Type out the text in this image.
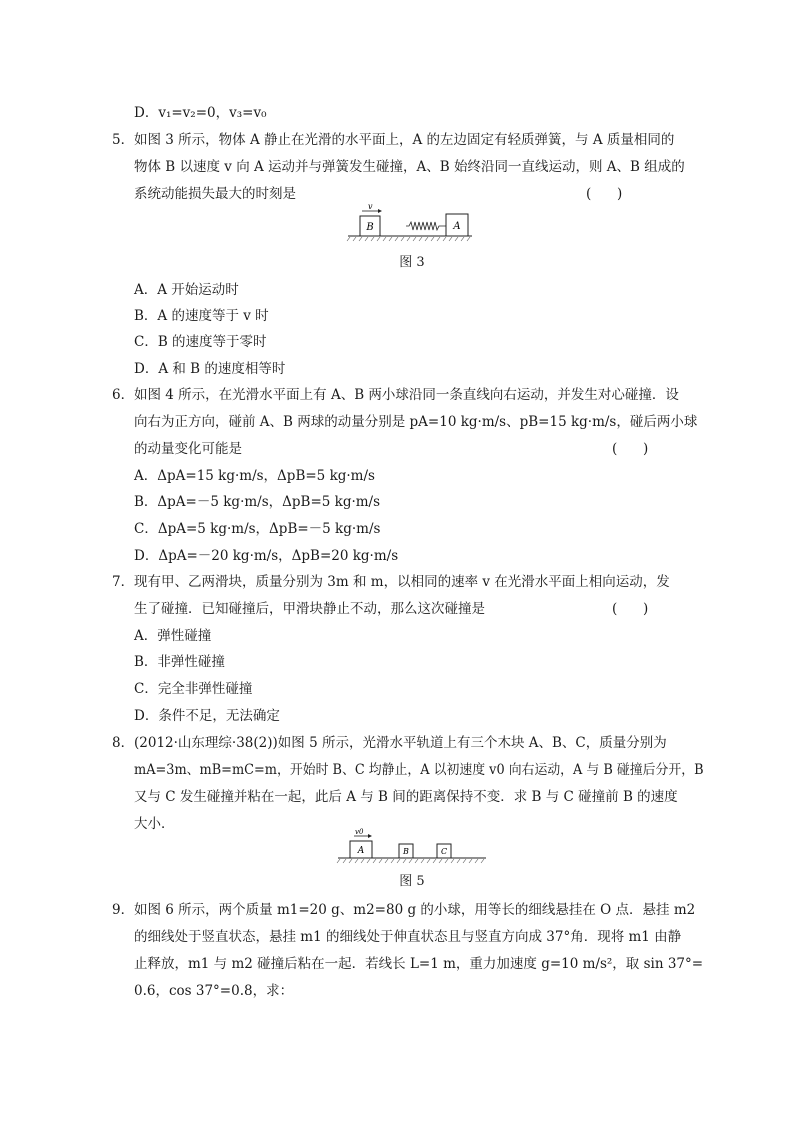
D．v₁=v₂=0，v₃=v₀
5． 如图 3 所示，物体 A 静止在光滑的水平面上，A 的左边固定有轻质弹簧，与 A 质量相同的
物体 B 以速度 v 向 A 运动并与弹簧发生碰撞，A、B 始终沿同一直线运动，则 A、B 组成的
系统动能损失最大的时刻是	(      )
B
v
A
图 3
A．A 开始运动时
B．A 的速度等于 v 时
C．B 的速度等于零时
D．A 和 B 的速度相等时
6． 如图 4 所示，在光滑水平面上有 A、B 两小球沿同一条直线向右运动，并发生对心碰撞．设
向右为正方向，碰前 A、B 两球的动量分别是 pA=10 kg·m/s、pB=15 kg·m/s，碰后两小球
的动量变化可能是	(      )
A．ΔpA=15 kg·m/s，ΔpB=5 kg·m/s
B．ΔpA=－5 kg·m/s，ΔpB=5 kg·m/s
C．ΔpA=5 kg·m/s，ΔpB=－5 kg·m/s
D．ΔpA=－20 kg·m/s，ΔpB=20 kg·m/s
7． 现有甲、乙两滑块，质量分别为 3m 和 m，以相同的速率 v 在光滑水平面上相向运动，发
生了碰撞．已知碰撞后，甲滑块静止不动，那么这次碰撞是	(      )
A．弹性碰撞
B．非弹性碰撞
C．完全非弹性碰撞
D．条件不足，无法确定
8． (2012·山东理综·38(2))如图 5 所示，光滑水平轨道上有三个木块 A、B、C，质量分别为
mA=3m、mB=mC=m，开始时 B、C 均静止，A 以初速度 v0 向右运动，A 与 B 碰撞后分开，B
又与 C 发生碰撞并粘在一起，此后 A 与 B 间的距离保持不变．求 B 与 C 碰撞前 B 的速度
大小．	v0
A	B	C
图 5
9． 如图 6 所示，两个质量 m1=20 g、m2=80 g 的小球，用等长的细线悬挂在 O 点．悬挂 m2
的细线处于竖直状态，悬挂 m1 的细线处于伸直状态且与竖直方向成 37°角．现将 m1 由静
止释放，m1 与 m2 碰撞后粘在一起．若线长 L=1 m，重力加速度 g=10 m/s²，取 sin 37°=
0.6，cos 37°=0.8，求：
